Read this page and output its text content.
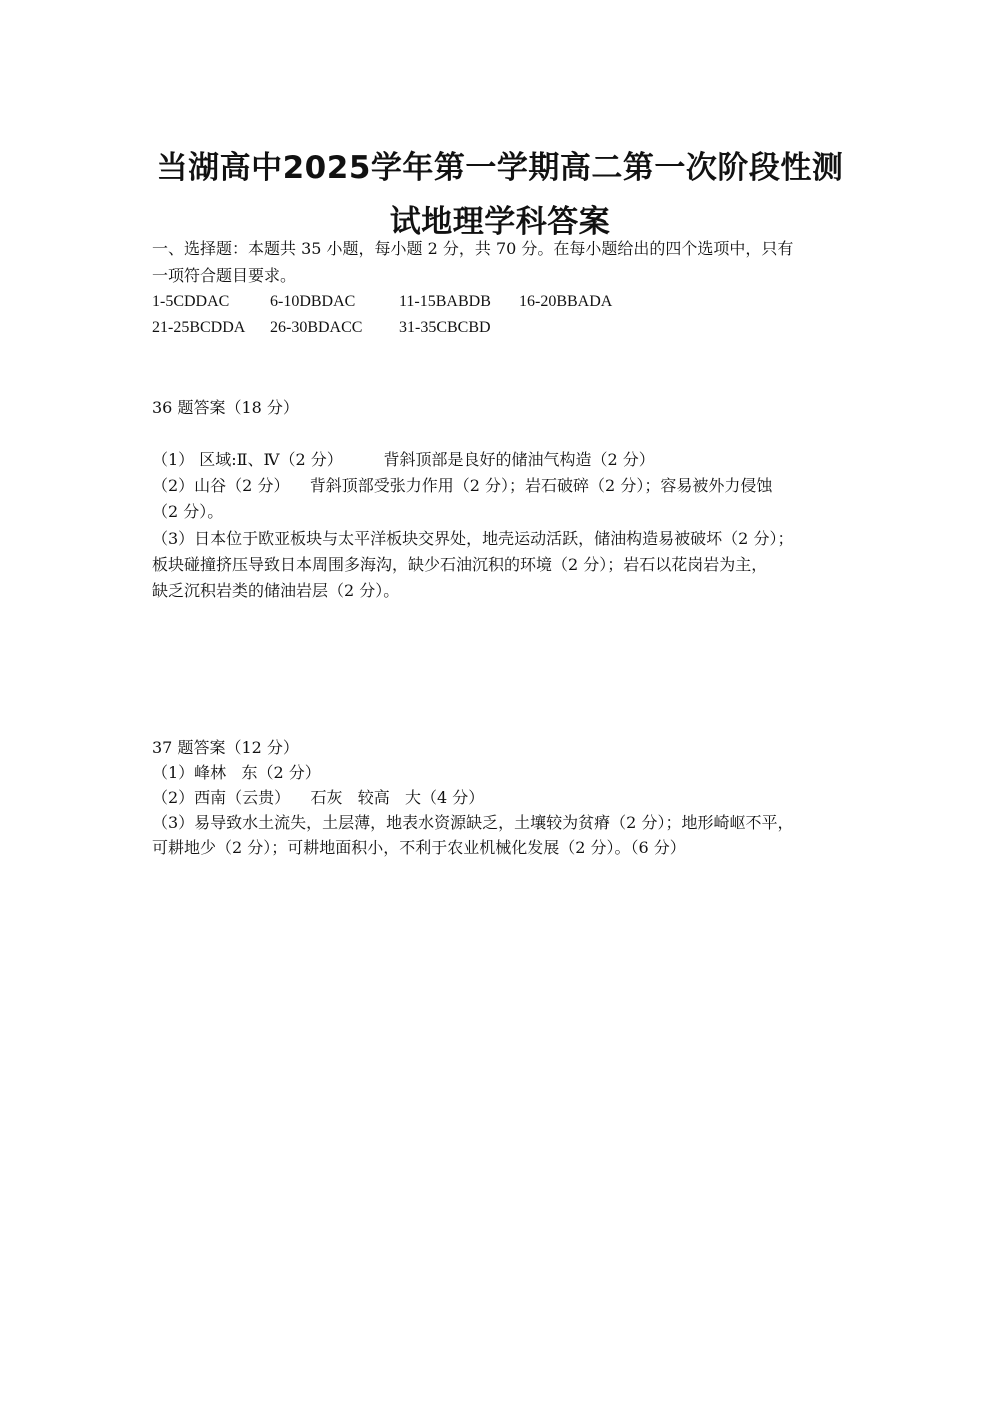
当湖高中2025学年第一学期高二第一次阶段性测
试地理学科答案
一、选择题：本题共 35 小题，每小题 2 分，共 70 分。在每小题给出的四个选项中，只有
一项符合题目要求。
1-5CDDAC	6-10DBDAC	11-15BABDB 16-20BBADA
21-25BCDDA 26-30BDACC 31-35CBCBD
36 题答案（18 分）
（1） 区域:Ⅱ、Ⅳ（2 分）        背斜顶部是良好的储油气构造（2 分）
（2）山谷（2 分）    背斜顶部受张力作用（2 分）；岩石破碎（2 分）；容易被外力侵蚀
（2 分）。
（3）日本位于欧亚板块与太平洋板块交界处，地壳运动活跃，储油构造易被破坏（2 分）；
板块碰撞挤压导致日本周围多海沟，缺少石油沉积的环境（2 分）；岩石以花岗岩为主，
缺乏沉积岩类的储油岩层（2 分）。
37 题答案（12 分）
（1）峰林   东（2 分）
（2）西南（云贵）    石灰   较高   大（4 分）
（3）易导致水土流失，土层薄，地表水资源缺乏，土壤较为贫瘠（2 分）；地形崎岖不平，
可耕地少（2 分）；可耕地面积小，不利于农业机械化发展（2 分）。（6 分）
